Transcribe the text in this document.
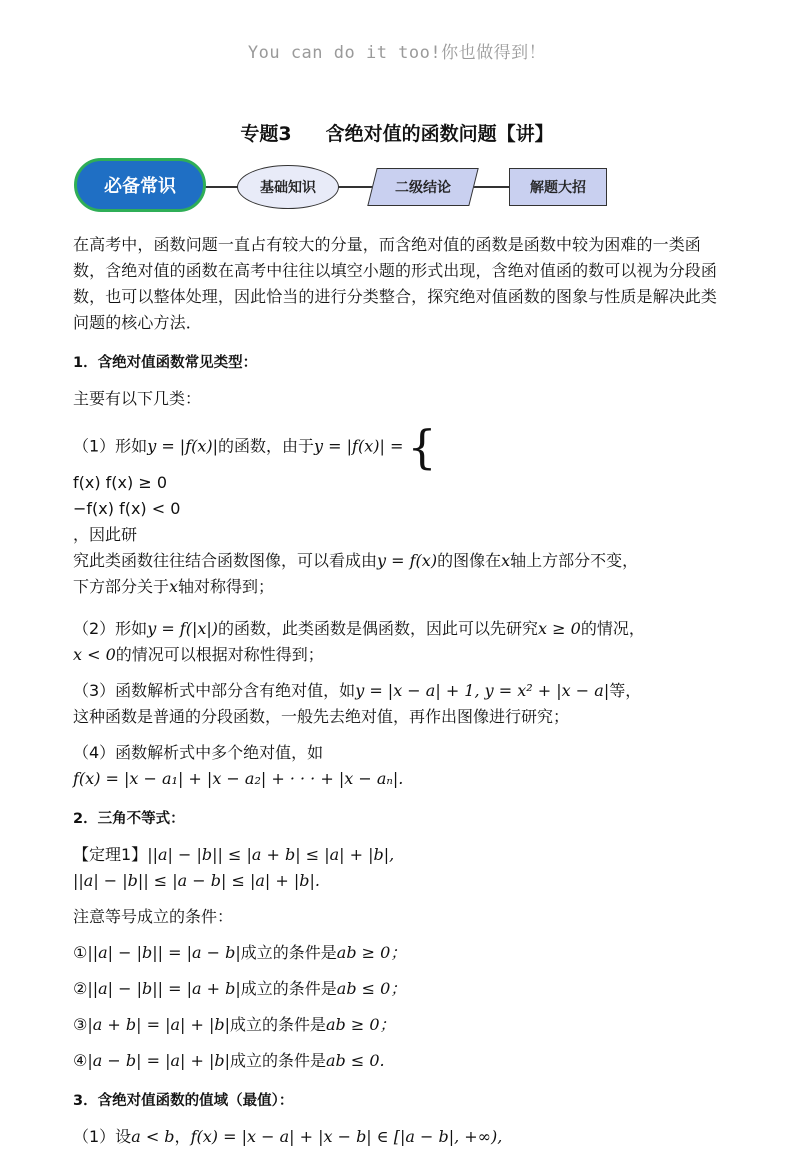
You can do it too!你也做得到！
专题3 含绝对值的函数问题【讲】
必备常识	基础知识	二级结论	解题大招

在高考中，函数问题一直占有较大的分量，而含绝对值的函数是函数中较为困难的一类函数，含绝对值的函数在高考中往往以填空小题的形式出现，含绝对值函的数可以视为分段函数，也可以整体处理，因此恰当的进行分类整合，探究绝对值函数的图象与性质是解决此类问题的核心方法．

1．含绝对值函数常见类型：

主要有以下几类：

（1）形如y = |f(x)|的函数，由于y = |f(x)| = {

f(x) f(x) ≥ 0
−f(x) f(x) < 0
，因此研
究此类函数往往结合函数图像，可以看成由y = f(x)的图像在x轴上方部分不变，
下方部分关于x轴对称得到；

（2）形如y = f(|x|)的函数，此类函数是偶函数，因此可以先研究x ≥ 0的情况，
x < 0的情况可以根据对称性得到；

（3）函数解析式中部分含有绝对值，如y = |x − a| + 1, y = x² + |x − a|等，
这种函数是普通的分段函数，一般先去绝对值，再作出图像进行研究；

（4）函数解析式中多个绝对值，如
f(x) = |x − a₁| + |x − a₂| + · · · + |x − aₙ|.

2．三角不等式：

【定理1】||a| − |b|| ≤ |a + b| ≤ |a| + |b|,
||a| − |b|| ≤ |a − b| ≤ |a| + |b|.

注意等号成立的条件：

①||a| − |b|| = |a − b|成立的条件是ab ≥ 0；

②||a| − |b|| = |a + b|成立的条件是ab ≤ 0；

③|a + b| = |a| + |b|成立的条件是ab ≥ 0；

④|a − b| = |a| + |b|成立的条件是ab ≤ 0.

3．含绝对值函数的值域（最值）：

（1）设a < b，f(x) = |x − a| + |x − b| ∈ [|a − b|, +∞),
